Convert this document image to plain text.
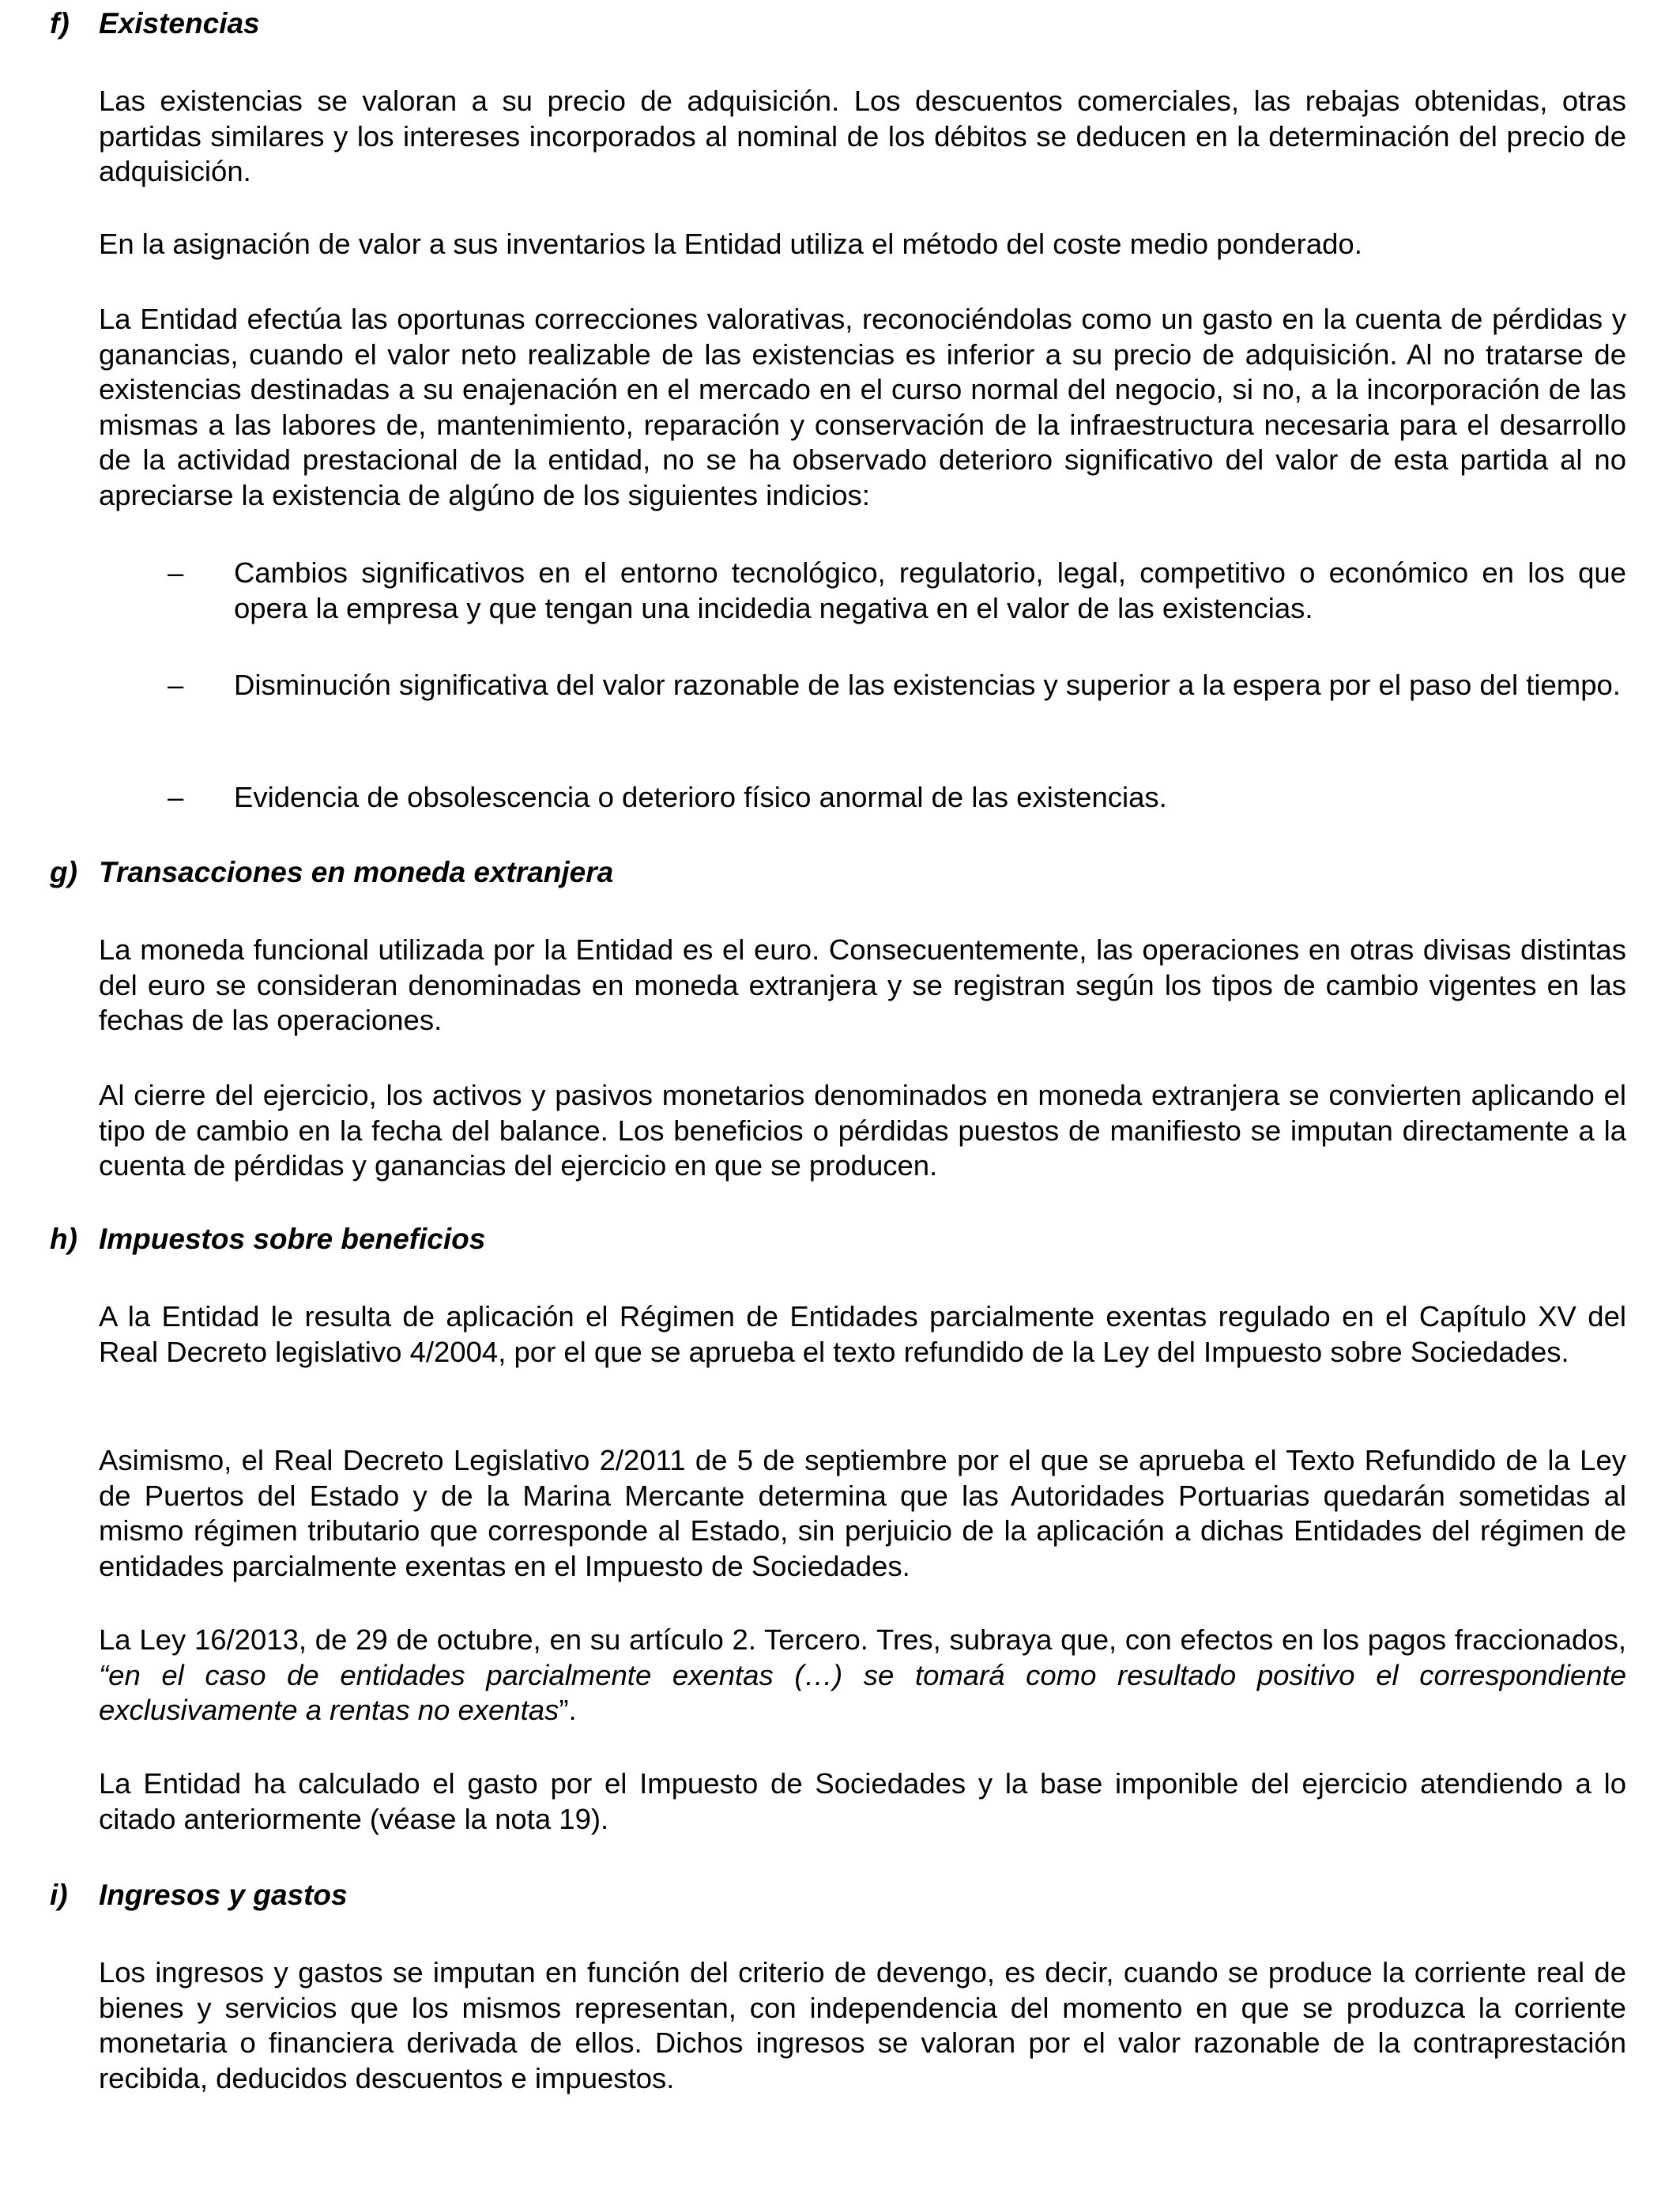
f) Existencias

Las existencias se valoran a su precio de adquisición. Los descuentos comerciales, las rebajas obtenidas, otras partidas similares y los intereses incorporados al nominal de los débitos se deducen en la determinación del precio de adquisición.

En la asignación de valor a sus inventarios la Entidad utiliza el método del coste medio ponderado.

La Entidad efectúa las oportunas correcciones valorativas, reconociéndolas como un gasto en la cuenta de pérdidas y ganancias, cuando el valor neto realizable de las existencias es inferior a su precio de adquisición. Al no tratarse de existencias destinadas a su enajenación en el mercado en el curso normal del negocio, si no, a la incorporación de las mismas a las labores de, mantenimiento, reparación y conservación de la infraestructura necesaria para el desarrollo de la actividad prestacional de la entidad, no se ha observado deterioro significativo del valor de esta partida al no apreciarse la existencia de algúno de los siguientes indicios:

– Cambios significativos en el entorno tecnológico, regulatorio, legal, competitivo o económico en los que opera la empresa y que tengan una incidedia negativa en el valor de las existencias.
– Disminución significativa del valor razonable de las existencias y superior a la espera por el paso del tiempo.
– Evidencia de obsolescencia o deterioro físico anormal de las existencias.
g) Transacciones en moneda extranjera

La moneda funcional utilizada por la Entidad es el euro. Consecuentemente, las operaciones en otras divisas distintas del euro se consideran denominadas en moneda extranjera y se registran según los tipos de cambio vigentes en las fechas de las operaciones.

Al cierre del ejercicio, los activos y pasivos monetarios denominados en moneda extranjera se convierten aplicando el tipo de cambio en la fecha del balance. Los beneficios o pérdidas puestos de manifiesto se imputan directamente a la cuenta de pérdidas y ganancias del ejercicio en que se producen.

h) Impuestos sobre beneficios

A la Entidad le resulta de aplicación el Régimen de Entidades parcialmente exentas regulado en el Capítulo XV del Real Decreto legislativo 4/2004, por el que se aprueba el texto refundido de la Ley del Impuesto sobre Sociedades.

Asimismo, el Real Decreto Legislativo 2/2011 de 5 de septiembre por el que se aprueba el Texto Refundido de la Ley de Puertos del Estado y de la Marina Mercante determina que las Autoridades Portuarias quedarán sometidas al mismo régimen tributario que corresponde al Estado, sin perjuicio de la aplicación a dichas Entidades del régimen de entidades parcialmente exentas en el Impuesto de Sociedades.

La Ley 16/2013, de 29 de octubre, en su artículo 2. Tercero. Tres, subraya que, con efectos en los pagos fraccionados, “en el caso de entidades parcialmente exentas (…) se tomará como resultado positivo el correspondiente exclusivamente a rentas no exentas”.

La Entidad ha calculado el gasto por el Impuesto de Sociedades y la base imponible del ejercicio atendiendo a lo citado anteriormente (véase la nota 19).

i) Ingresos y gastos

Los ingresos y gastos se imputan en función del criterio de devengo, es decir, cuando se produce la corriente real de bienes y servicios que los mismos representan, con independencia del momento en que se produzca la corriente monetaria o financiera derivada de ellos. Dichos ingresos se valoran por el valor razonable de la contraprestación recibida, deducidos descuentos e impuestos.
